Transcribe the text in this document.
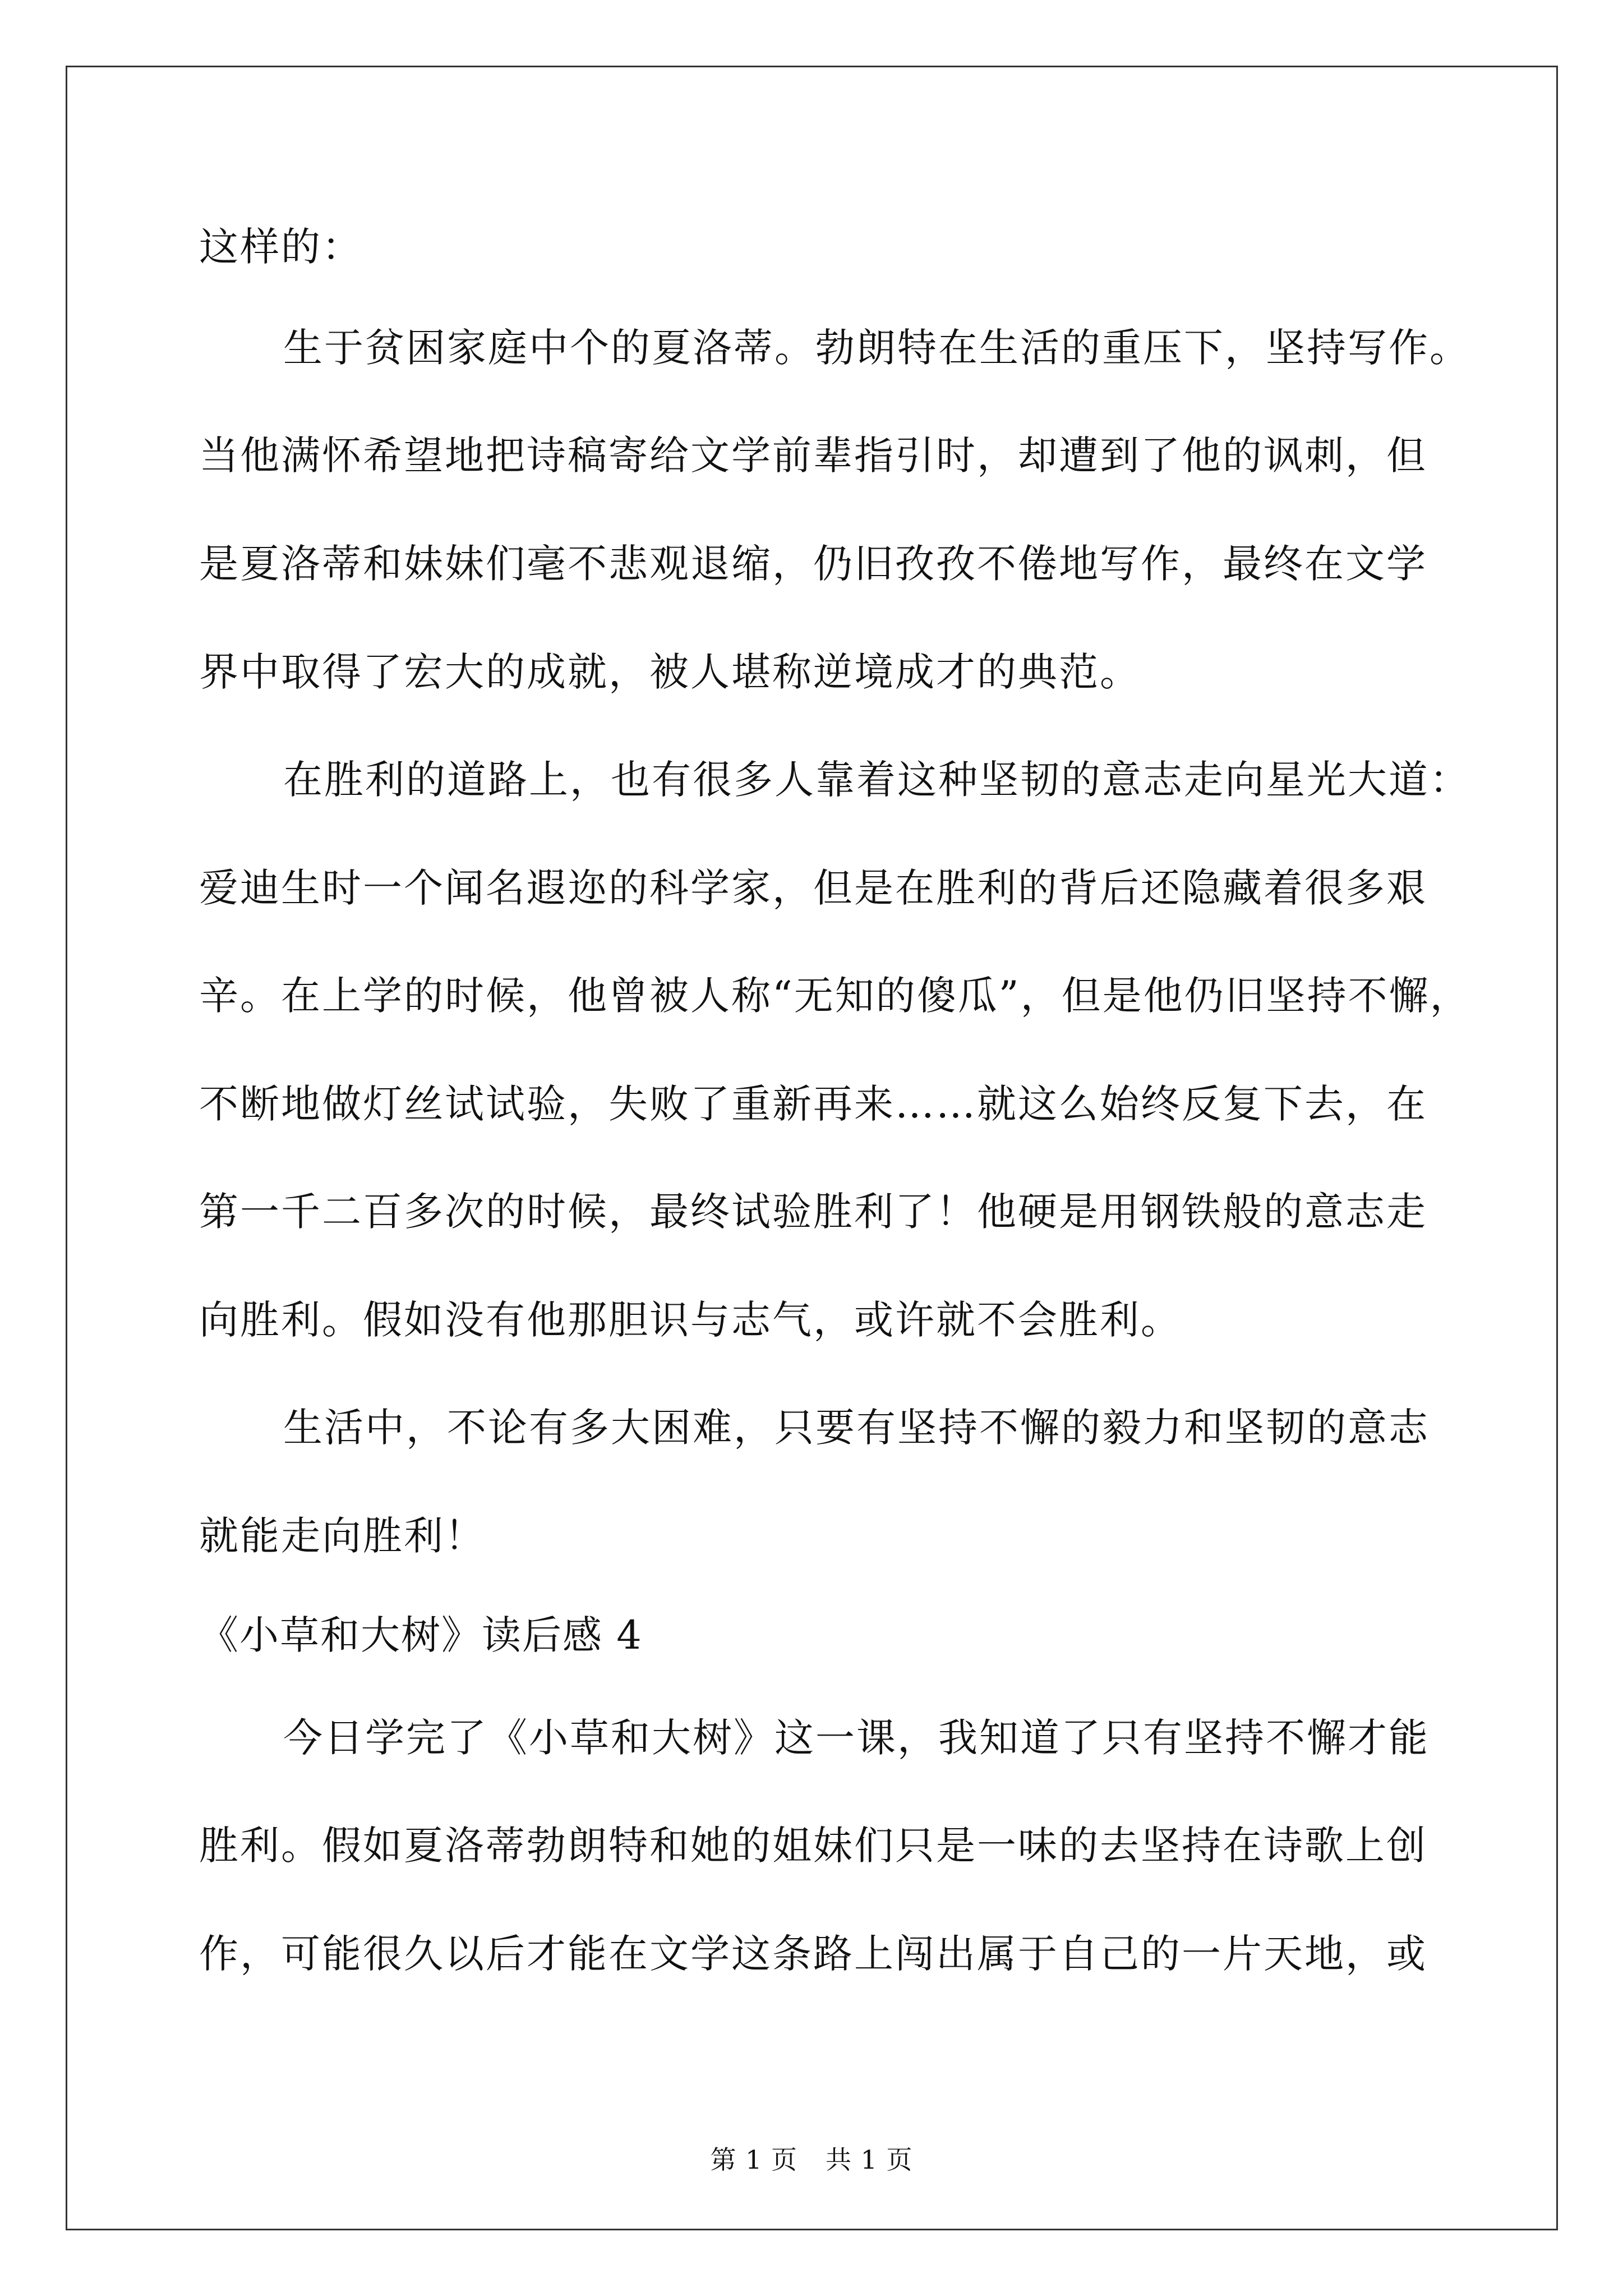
这样的：
生于贫困家庭中个的夏洛蒂。勃朗特在生活的重压下，坚持写作。
当他满怀希望地把诗稿寄给文学前辈指引时，却遭到了他的讽刺，但
是夏洛蒂和妹妹们毫不悲观退缩，仍旧孜孜不倦地写作，最终在文学
界中取得了宏大的成就，被人堪称逆境成才的典范。
在胜利的道路上，也有很多人靠着这种坚韧的意志走向星光大道：
爱迪生时一个闻名遐迩的科学家，但是在胜利的背后还隐藏着很多艰
辛。在上学的时候，他曾被人称“无知的傻瓜”，但是他仍旧坚持不懈，
不断地做灯丝试试验，失败了重新再来……就这么始终反复下去，在
第一千二百多次的时候，最终试验胜利了！他硬是用钢铁般的意志走
向胜利。假如没有他那胆识与志气，或许就不会胜利。
生活中，不论有多大困难，只要有坚持不懈的毅力和坚韧的意志
就能走向胜利！
《小草和大树》读后感 4
今日学完了《小草和大树》这一课，我知道了只有坚持不懈才能
胜利。假如夏洛蒂勃朗特和她的姐妹们只是一味的去坚持在诗歌上创
作，可能很久以后才能在文学这条路上闯出属于自己的一片天地，或
第 1 页 共 1 页
